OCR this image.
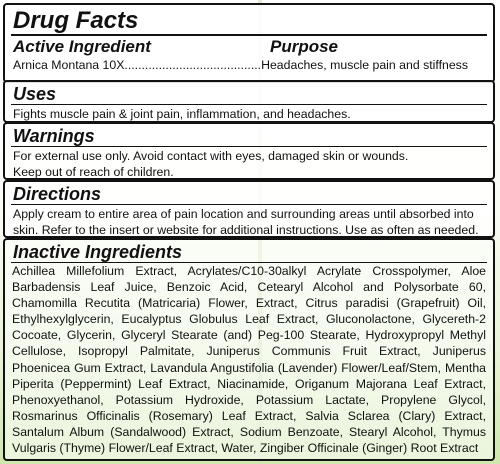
Drug Facts
Active Ingredient	Purpose
Arnica Montana 10X........................................Headaches, muscle pain and stiffness
Uses
Fights muscle pain & joint pain, inflammation, and headaches.
Warnings
For external use only. Avoid contact with eyes, damaged skin or wounds.
Keep out of reach of children.
Directions
Apply cream to entire area of pain location and surrounding areas until absorbed into
skin. Refer to the insert or website for additional instructions. Use as often as needed.
Inactive Ingredients
Achillea Millefolium Extract, Acrylates/C10-30alkyl Acrylate Crosspolymer, Aloe Barbadensis Leaf Juice, Benzoic Acid, Cetearyl Alcohol and Polysorbate 60, Chamomilla Recutita (Matricaria) Flower, Extract, Citrus paradisi (Grapefruit) Oil, Ethylhexylglycerin, Eucalyptus Globulus Leaf Extract, Gluconolactone, Glycereth-2 Cocoate, Glycerin, Glyceryl Stearate (and) Peg-100 Stearate, Hydroxypropyl Methyl Cellulose, Isopropyl Palmitate, Juniperus Communis Fruit Extract, Juniperus Phoenicea Gum Extract, Lavandula Angustifolia (Lavender) Flower/Leaf/Stem, Mentha Piperita (Peppermint) Leaf Extract, Niacinamide, Origanum Majorana Leaf Extract, Phenoxyethanol, Potassium Hydroxide, Potassium Lactate, Propylene Glycol, Rosmarinus Officinalis (Rosemary) Leaf Extract, Salvia Sclarea (Clary) Extract, Santalum Album (Sandalwood) Extract, Sodium Benzoate, Stearyl Alcohol, Thymus Vulgaris (Thyme) Flower/Leaf Extract, Water, Zingiber Officinale (Ginger) Root Extract
